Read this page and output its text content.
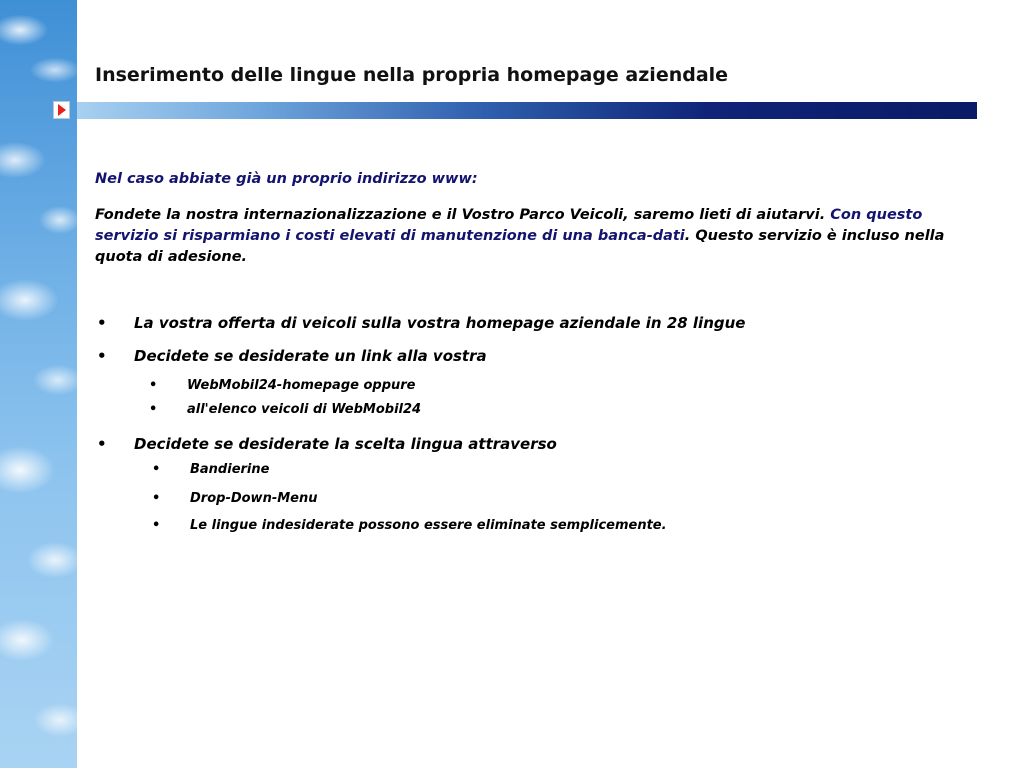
Inserimento delle lingue nella propria homepage aziendale

Nel caso abbiate già un proprio indirizzo www:

Fondete la nostra internazionalizzazione e il Vostro Parco Veicoli, saremo lieti di aiutarvi. Con questo servizio si risparmiano i costi elevati di manutenzione di una banca-dati. Questo servizio è incluso nella quota di adesione.

• La vostra offerta di veicoli sulla vostra homepage aziendale in 28 lingue
• Decidete se desiderate un link alla vostra
• WebMobil24-homepage oppure
• all'elenco veicoli di WebMobil24
• Decidete se desiderate la scelta lingua attraverso
• Bandierine
• Drop-Down-Menu
• Le lingue indesiderate possono essere eliminate semplicemente.
